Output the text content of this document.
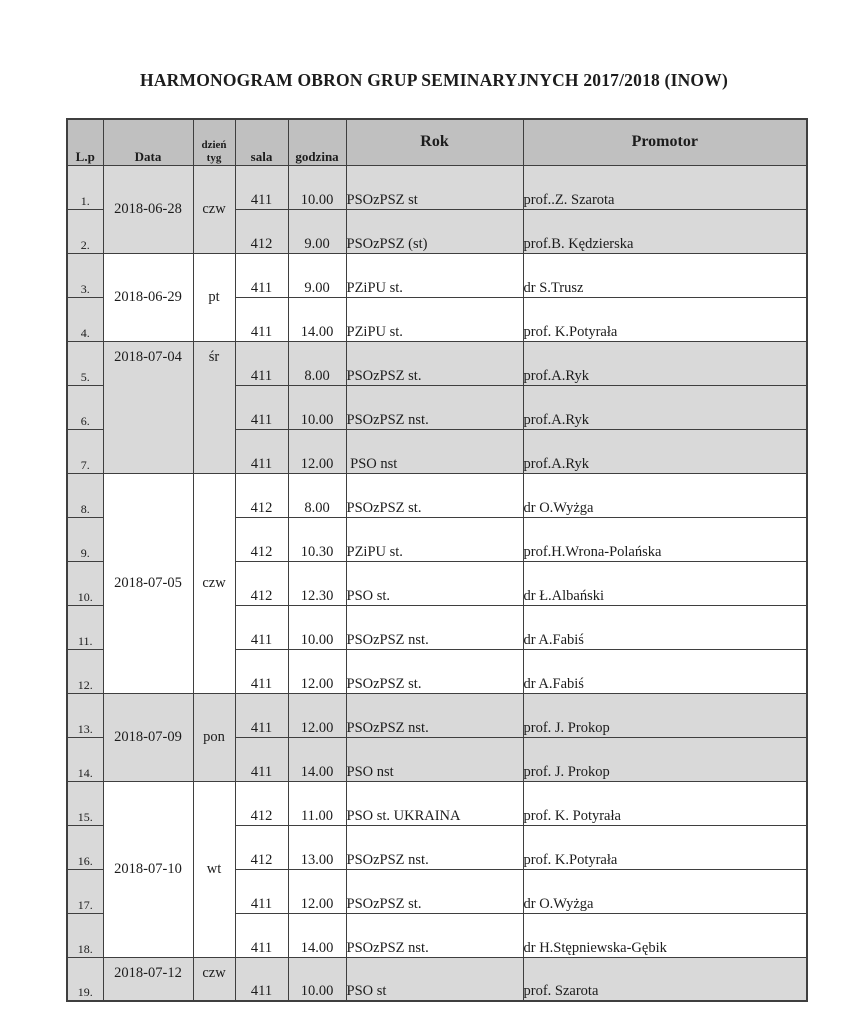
HARMONOGRAM OBRON GRUP SEMINARYJNYCH 2017/2018 (INOW)
L.p	Data	dzień tyg	sala	godzina	Rok	Promotor
1.	2018-06-28	czw	411	10.00	PSOzPSZ st	prof..Z. Szarota
2.			412	9.00	PSOzPSZ (st)	prof.B. Kędzierska
3.	2018-06-29	pt	411	9.00	PZiPU st.	dr S.Trusz
4.			411	14.00	PZiPU st.	prof. K.Potyrała
5.	2018-07-04	śr	411	8.00	PSOzPSZ st.	prof.A.Ryk
6.			411	10.00	PSOzPSZ nst.	prof.A.Ryk
7.			411	12.00	PSO nst	prof.A.Ryk
8.	2018-07-05	czw	412	8.00	PSOzPSZ st.	dr O.Wyżga
9.			412	10.30	PZiPU st.	prof.H.Wrona-Polańska
10.			412	12.30	PSO st.	dr Ł.Albański
11.			411	10.00	PSOzPSZ nst.	dr A.Fabiś
12.			411	12.00	PSOzPSZ st.	dr A.Fabiś
13.	2018-07-09	pon	411	12.00	PSOzPSZ nst.	prof. J. Prokop
14.			411	14.00	PSO nst	prof. J. Prokop
15.	2018-07-10	wt	412	11.00	PSO st. UKRAINA	prof. K. Potyrała
16.			412	13.00	PSOzPSZ nst.	prof. K.Potyrała
17.			411	12.00	PSOzPSZ st.	dr O.Wyżga
18.			411	14.00	PSOzPSZ nst.	dr H.Stępniewska-Gębik
19.	2018-07-12	czw	411	10.00	PSO st	prof. Szarota
